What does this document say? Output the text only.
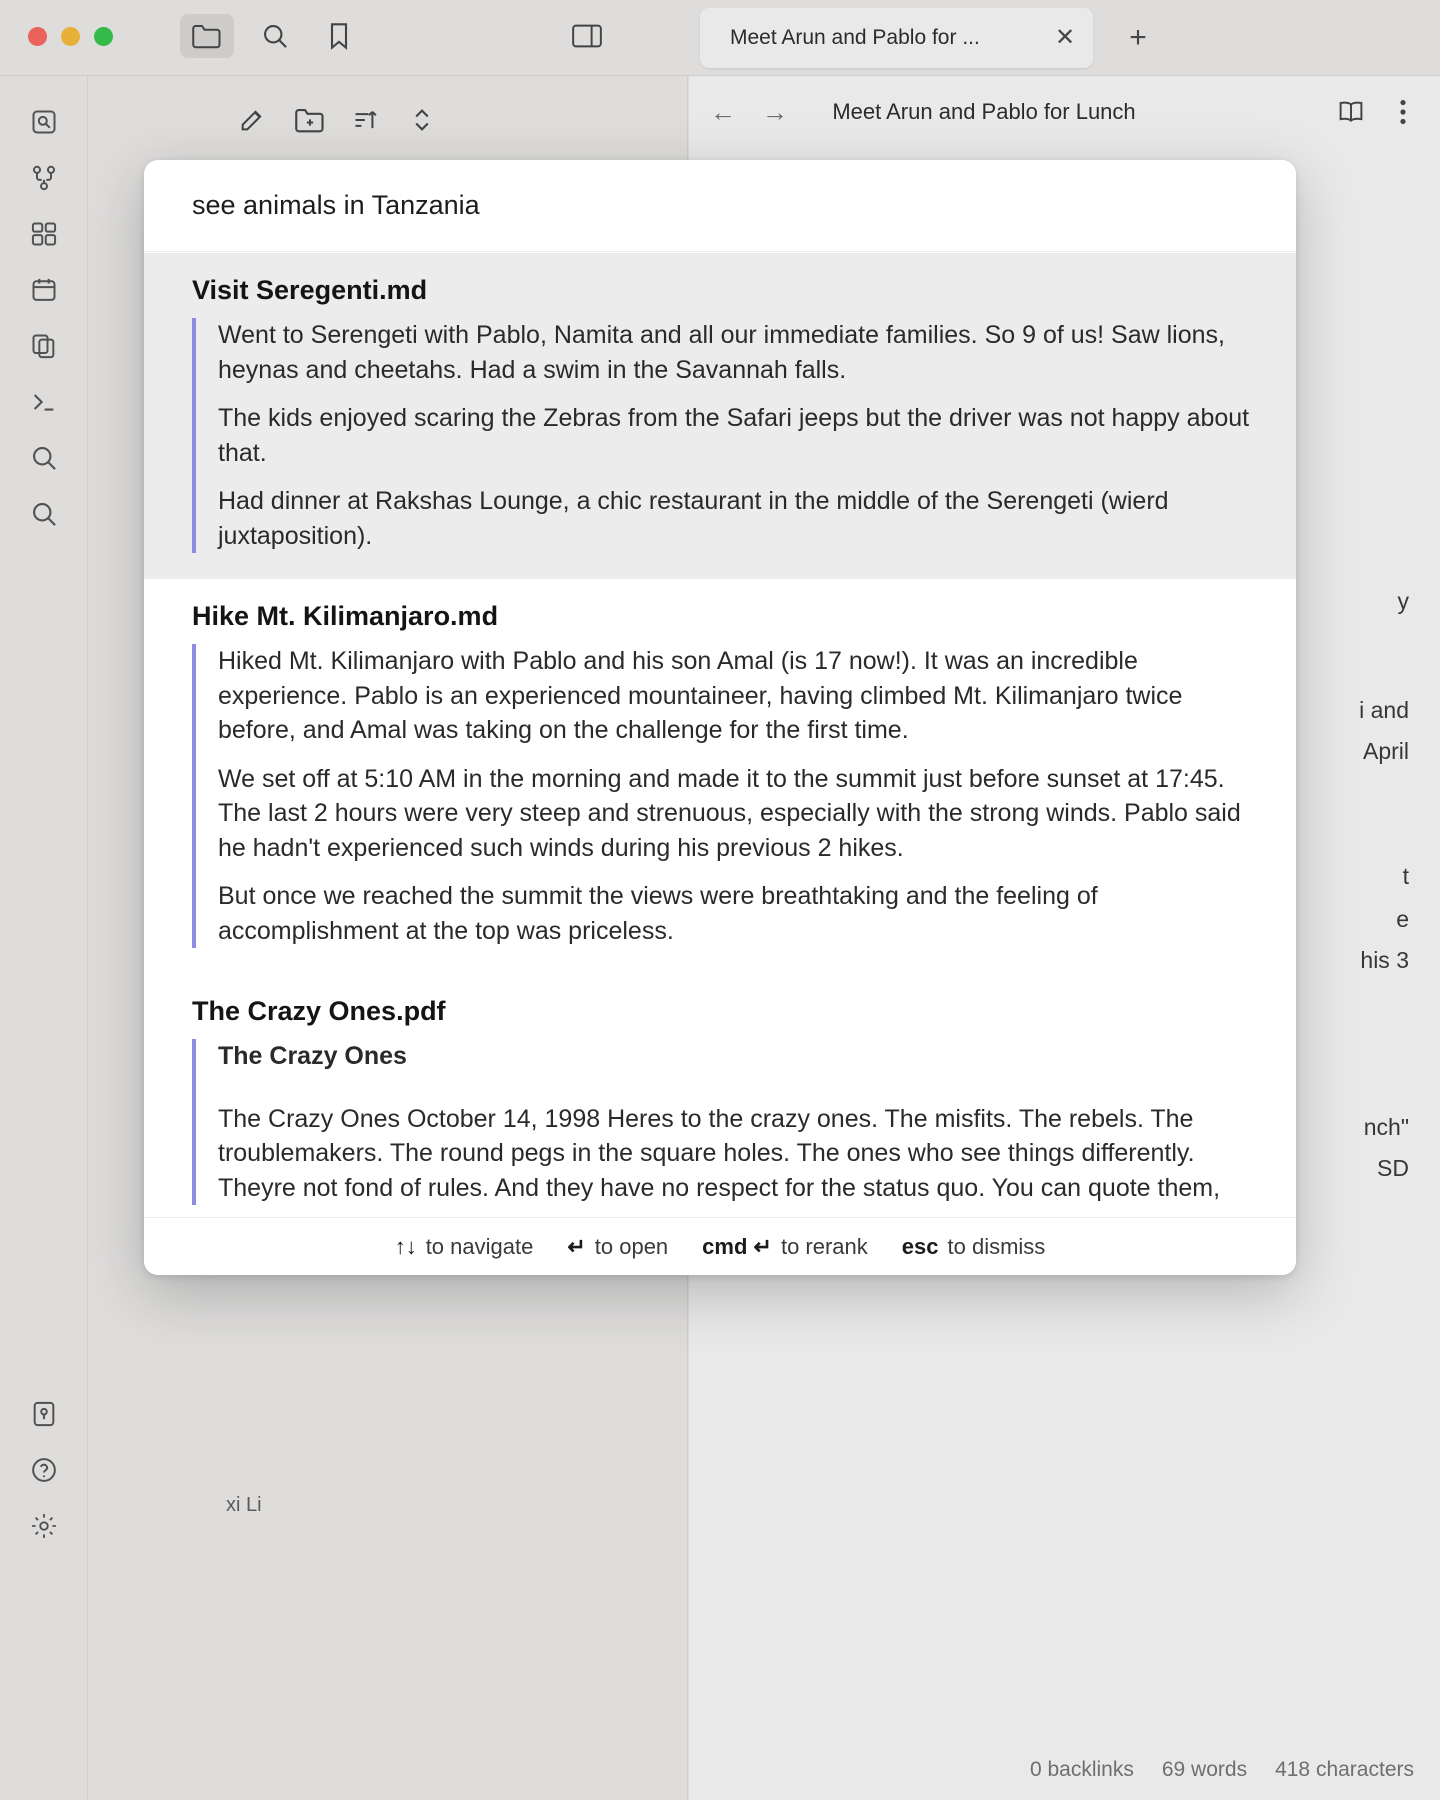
Meet Arun and Pablo for ...	✕	+
xi Li
←	→	Meet Arun and Pablo for Lunch
y
i and
April
t
e
his 3
nch"
SD
0 backlinks 69 words 418 characters
see animals in Tanzania
Visit Seregenti.md

Went to Serengeti with Pablo, Namita and all our immediate families. So 9 of us! Saw lions, heynas and cheetahs. Had a swim in the Savannah falls.

The kids enjoyed scaring the Zebras from the Safari jeeps but the driver was not happy about that.

Had dinner at Rakshas Lounge, a chic restaurant in the middle of the Serengeti (wierd juxtaposition).

Hike Mt. Kilimanjaro.md

Hiked Mt. Kilimanjaro with Pablo and his son Amal (is 17 now!). It was an incredible experience. Pablo is an experienced mountaineer, having climbed Mt. Kilimanjaro twice before, and Amal was taking on the challenge for the first time.

We set off at 5:10 AM in the morning and made it to the summit just before sunset at 17:45. The last 2 hours were very steep and strenuous, especially with the strong winds. Pablo said he hadn't experienced such winds during his previous 2 hikes.

But once we reached the summit the views were breathtaking and the feeling of accomplishment at the top was priceless.

The Crazy Ones.pdf

The Crazy Ones

The Crazy Ones October 14, 1998 Heres to the crazy ones. The misfits. The rebels. The troublemakers. The round pegs in the square holes. The ones who see things differently. Theyre not fond of rules. And they have no respect for the status quo. You can quote them,

↑↓ to navigate ↵ to open cmd ↵ to rerank esc to dismiss
